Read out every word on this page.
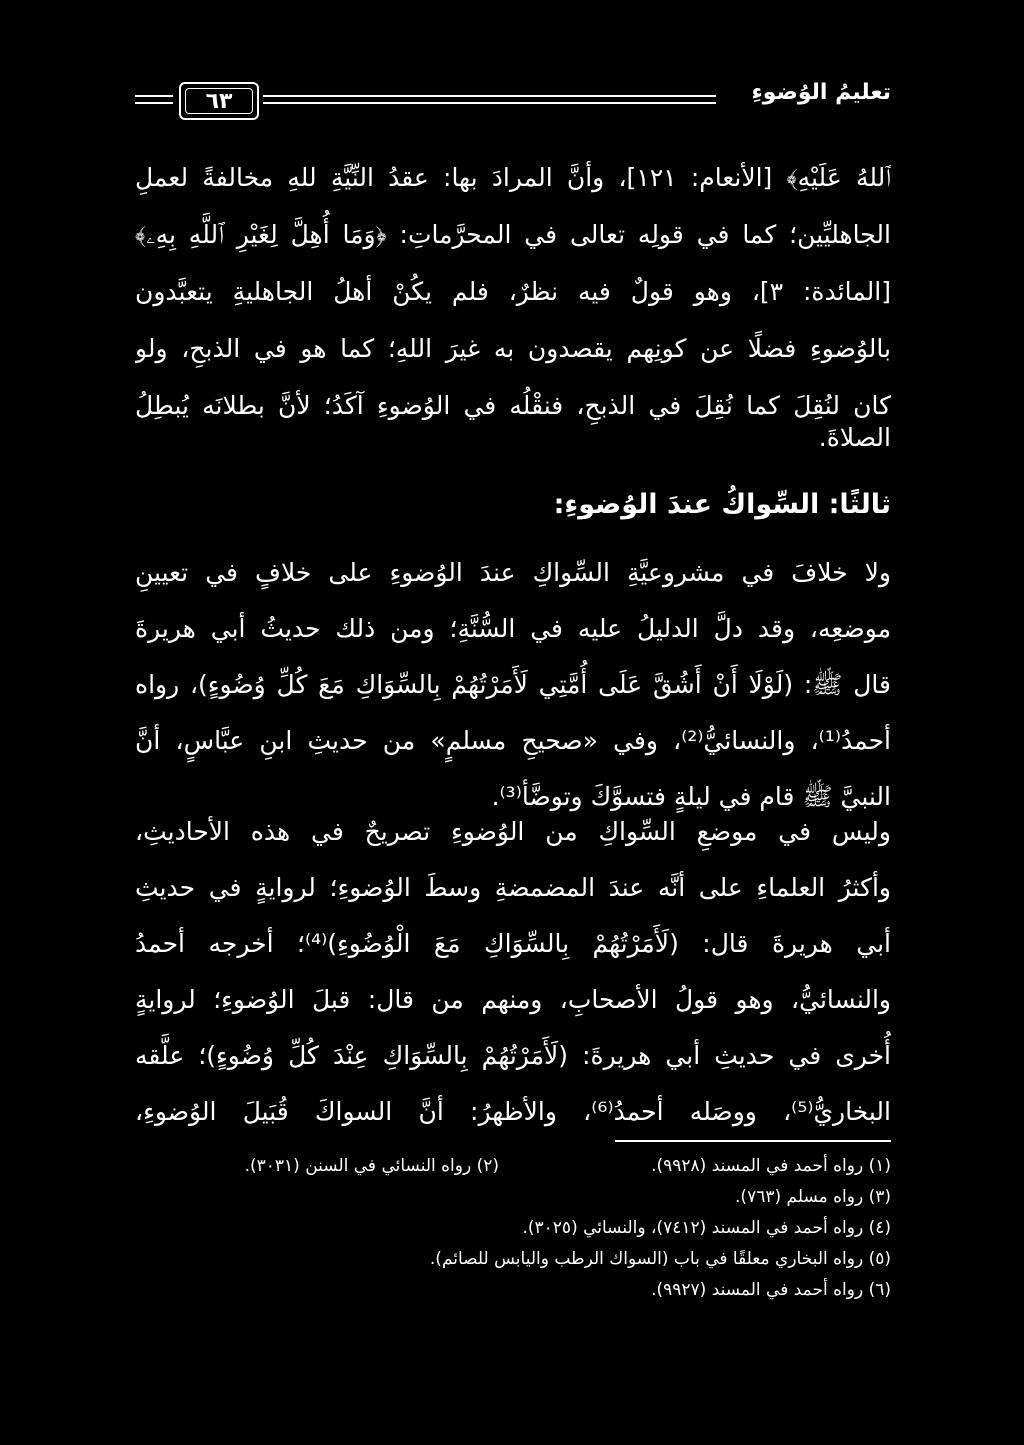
تعليمُ الوُضوءِ
٦٣
ﭐﻟﻠﻪُ ﻋَﻠَﻴْﻪِ﴾ [الأنعام: ١٢١]، وأنَّ المرادَ بها: عقدُ النِّيَّةِ للهِ مخالفةً لعملِ
الجاهليِّين؛ كما في قولِه تعالى في المحرَّماتِ: ﴿وَمَا أُهِلَّ لِغَيْرِ ٱللَّهِ بِهِۦ﴾
[المائدة: ٣]، وهو قولٌ فيه نظرٌ، فلم يكُنْ أهلُ الجاهليةِ يتعبَّدون
بالوُضوءِ فضلًا عن كونِهم يقصدون به غيرَ اللهِ؛ كما هو في الذبحِ، ولو
كان لنُقِلَ كما نُقِلَ في الذبحِ، فنقْلُه في الوُضوءِ آكَدُ؛ لأنَّ بطلانَه يُبطِلُ
الصلاةَ.
ثالثًا: السِّواكُ عندَ الوُضوءِ:
ولا خلافَ في مشروعيَّةِ السِّواكِ عندَ الوُضوءِ على خلافٍ في تعيينِ
موضعِه، وقد دلَّ الدليلُ عليه في السُّنَّةِ؛ ومن ذلك حديثُ أبي هريرةَ
قال ﷺ: (لَوْلَا أَنْ أَشُقَّ عَلَى أُمَّتِي لَأَمَرْتُهُمْ بِالسِّوَاكِ مَعَ كُلِّ وُضُوءٍ)، رواه
أحمدُ⁽¹⁾، والنسائيُّ⁽²⁾، وفي «صحيحِ مسلمٍ» من حديثِ ابنِ عبَّاسٍ، أنَّ
النبيَّ ﷺ قام في ليلةٍ فتسوَّكَ وتوضَّأ⁽³⁾.
وليس في موضعِ السِّواكِ من الوُضوءِ تصريحٌ في هذه الأحاديثِ،
وأكثرُ العلماءِ على أنَّه عندَ المضمضةِ وسطَ الوُضوءِ؛ لروايةٍ في حديثِ
أبي هريرةَ قال: (لَأَمَرْتُهُمْ بِالسِّوَاكِ مَعَ الْوُضُوءِ)⁽⁴⁾؛ أخرجه أحمدُ
والنسائيُّ، وهو قولُ الأصحابِ، ومنهم من قال: قبلَ الوُضوءِ؛ لروايةٍ
أُخرى في حديثِ أبي هريرةَ: (لَأَمَرْتُهُمْ بِالسِّوَاكِ عِنْدَ كُلِّ وُضُوءٍ)؛ علَّقه
البخاريُّ⁽⁵⁾، ووصَله أحمدُ⁽⁶⁾، والأظهرُ: أنَّ السواكَ قُبَيلَ الوُضوءِ،
(١) رواه أحمد في المسند (٩٩٢٨).
(٢) رواه النسائي في السنن (٣٠٣١).
(٣) رواه مسلم (٧٦٣).
(٤) رواه أحمد في المسند (٧٤١٢)، والنسائي (٣٠٢٥).
(٥) رواه البخاري معلقًا في باب (السواك الرطب واليابس للصائم).
(٦) رواه أحمد في المسند (٩٩٢٧).
